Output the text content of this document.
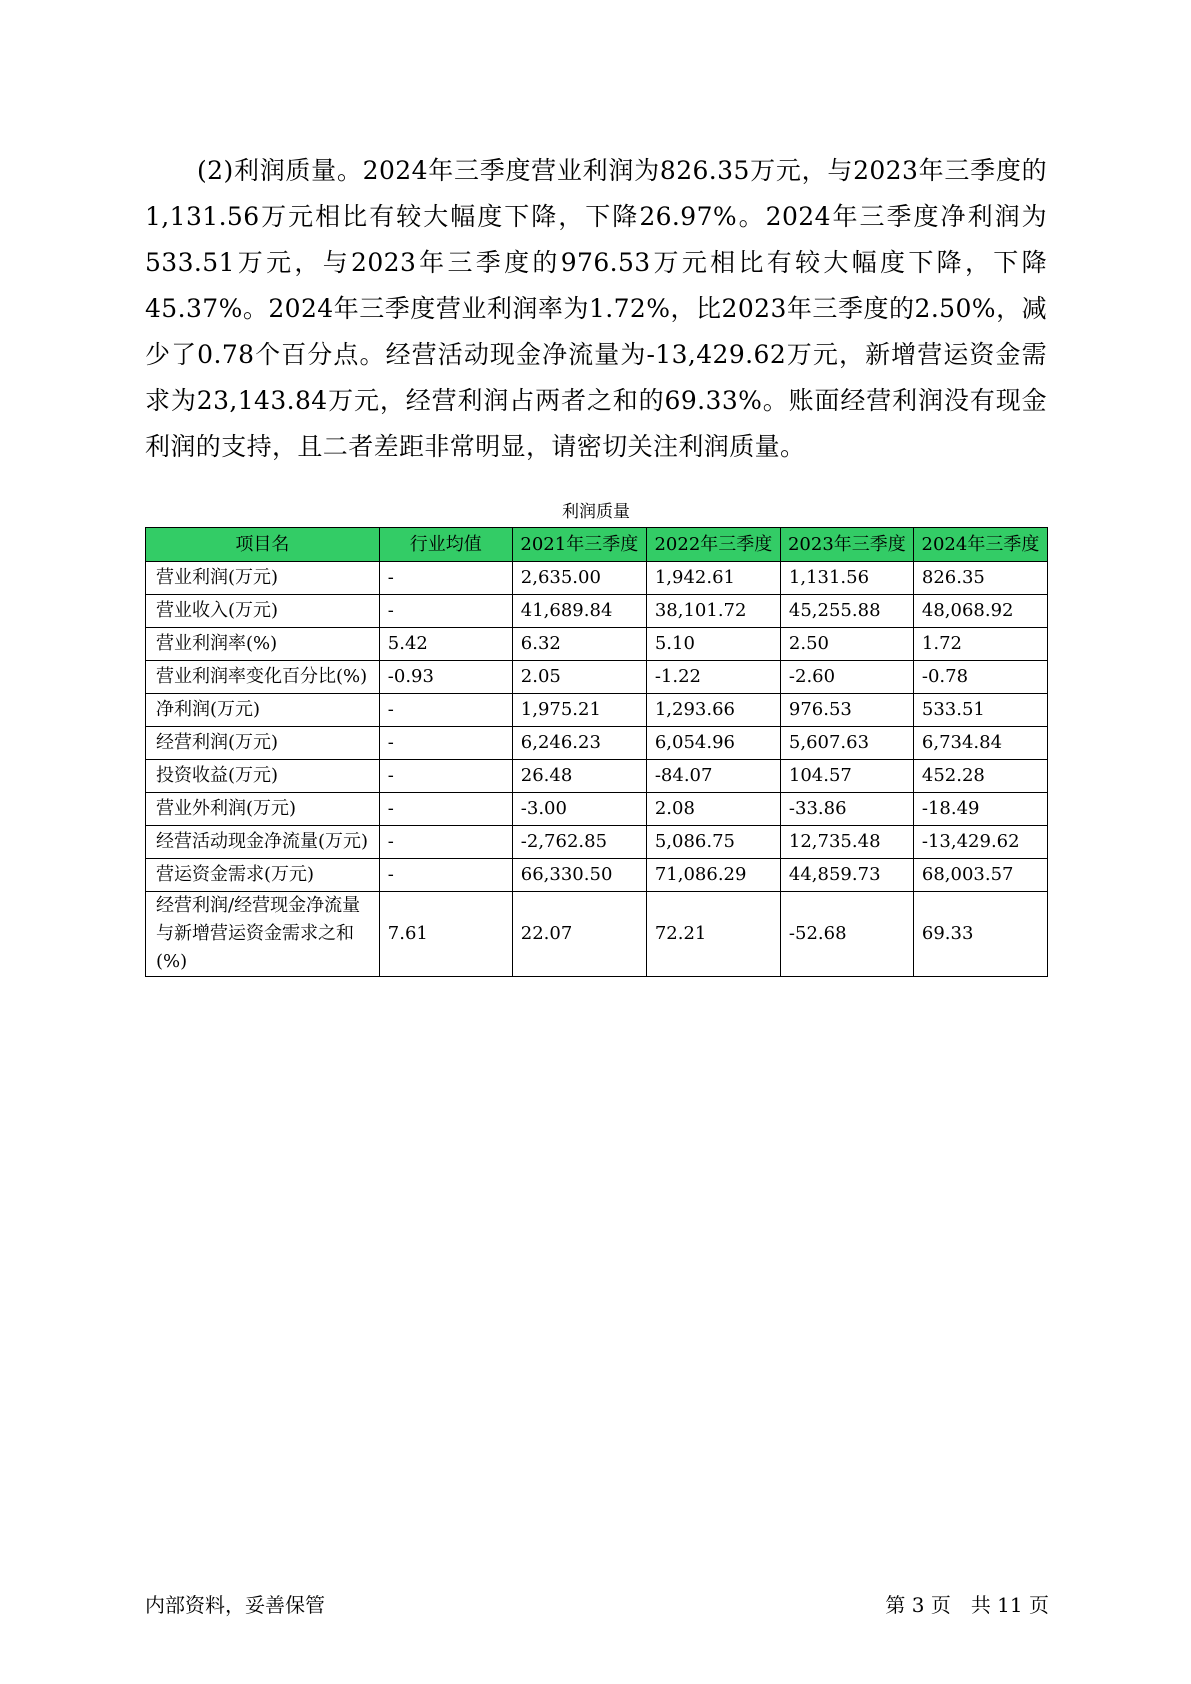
(2)利润质量。2024年三季度营业利润为826.35万元，与2023年三季度的1,131.56万元相比有较大幅度下降，下降26.97%。2024年三季度净利润为533.51万元，与2023年三季度的976.53万元相比有较大幅度下降，下降45.37%。2024年三季度营业利润率为1.72%，比2023年三季度的2.50%，减少了0.78个百分点。经营活动现金净流量为-13,429.62万元，新增营运资金需求为23,143.84万元，经营利润占两者之和的69.33%。账面经营利润没有现金利润的支持，且二者差距非常明显，请密切关注利润质量。

利润质量
项目名	行业均值	2021年三季度	2022年三季度	2023年三季度	2024年三季度
营业利润(万元)	-	2,635.00	1,942.61	1,131.56	826.35
营业收入(万元)	-	41,689.84	38,101.72	45,255.88	48,068.92
营业利润率(%)	5.42	6.32	5.10	2.50	1.72
营业利润率变化百分比(%)	-0.93	2.05	-1.22	-2.60	-0.78
净利润(万元)	-	1,975.21	1,293.66	976.53	533.51
经营利润(万元)	-	6,246.23	6,054.96	5,607.63	6,734.84
投资收益(万元)	-	26.48	-84.07	104.57	452.28
营业外利润(万元)	-	-3.00	2.08	-33.86	-18.49
经营活动现金净流量(万元)	-	-2,762.85	5,086.75	12,735.48	-13,429.62
营运资金需求(万元)	-	66,330.50	71,086.29	44,859.73	68,003.57
经营利润/经营现金净流量与新增营运资金需求之和(%)	7.61	22.07	72.21	-52.68	69.33
内部资料，妥善保管	第 3 页　共 11 页
